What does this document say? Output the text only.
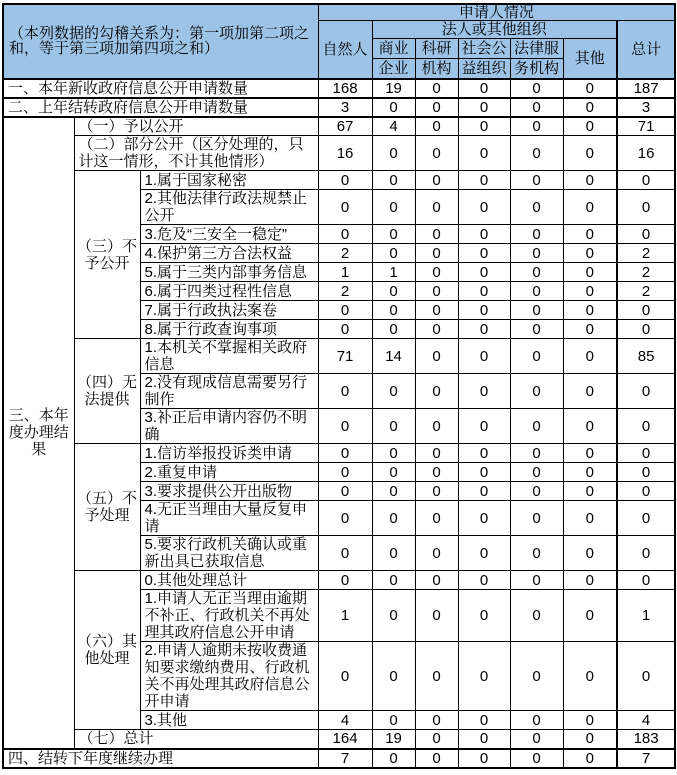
（本列数据的勾稽关系为：第一项加第二项之和，等于第三项加第四项之和）			申请人情况						
			自然人	法人或其他组织					总计
				商业	科研	社会公	法律服	其他	
				企业	机构	益组织	务机构		
一、本年新收政府信息公开申请数量			168	19	0	0	0	0	187
二、上年结转政府信息公开申请数量			3	0	0	0	0	0	3
三、本年度办理结果	（一）予以公开		67	4	0	0	0	0	71
	（二）部分公开（区分处理的，只计这一情形，不计其他情形）		16	0	0	0	0	0	16
	（三）不予公开	1.属于国家秘密	0	0	0	0	0	0	0
		2.其他法律行政法规禁止公开	0	0	0	0	0	0	0
		3.危及“三安全一稳定”	0	0	0	0	0	0	0
		4.保护第三方合法权益	2	0	0	0	0	0	2
		5.属于三类内部事务信息	1	1	0	0	0	0	2
		6.属于四类过程性信息	2	0	0	0	0	0	2
		7.属于行政执法案卷	0	0	0	0	0	0	0
		8.属于行政查询事项	0	0	0	0	0	0	0
	（四）无法提供	1.本机关不掌握相关政府信息	71	14	0	0	0	0	85
		2.没有现成信息需要另行制作	0	0	0	0	0	0	0
		3.补正后申请内容仍不明确	0	0	0	0	0	0	0
	（五）不予处理	1.信访举报投诉类申请	0	0	0	0	0	0	0
		2.重复申请	0	0	0	0	0	0	0
		3.要求提供公开出版物	0	0	0	0	0	0	0
		4.无正当理由大量反复申请	0	0	0	0	0	0	0
		5.要求行政机关确认或重新出具已获取信息	0	0	0	0	0	0	0
	（六）其他处理	0.其他处理总计	0	0	0	0	0	0	0
		1.申请人无正当理由逾期不补正、行政机关不再处理其政府信息公开申请	1	0	0	0	0	0	1
		2.申请人逾期未按收费通知要求缴纳费用、行政机关不再处理其政府信息公开申请	0	0	0	0	0	0	0
		3.其他	4	0	0	0	0	0	4
	（七）总计		164	19	0	0	0	0	183
四、结转下年度继续办理			7	0	0	0	0	0	7
